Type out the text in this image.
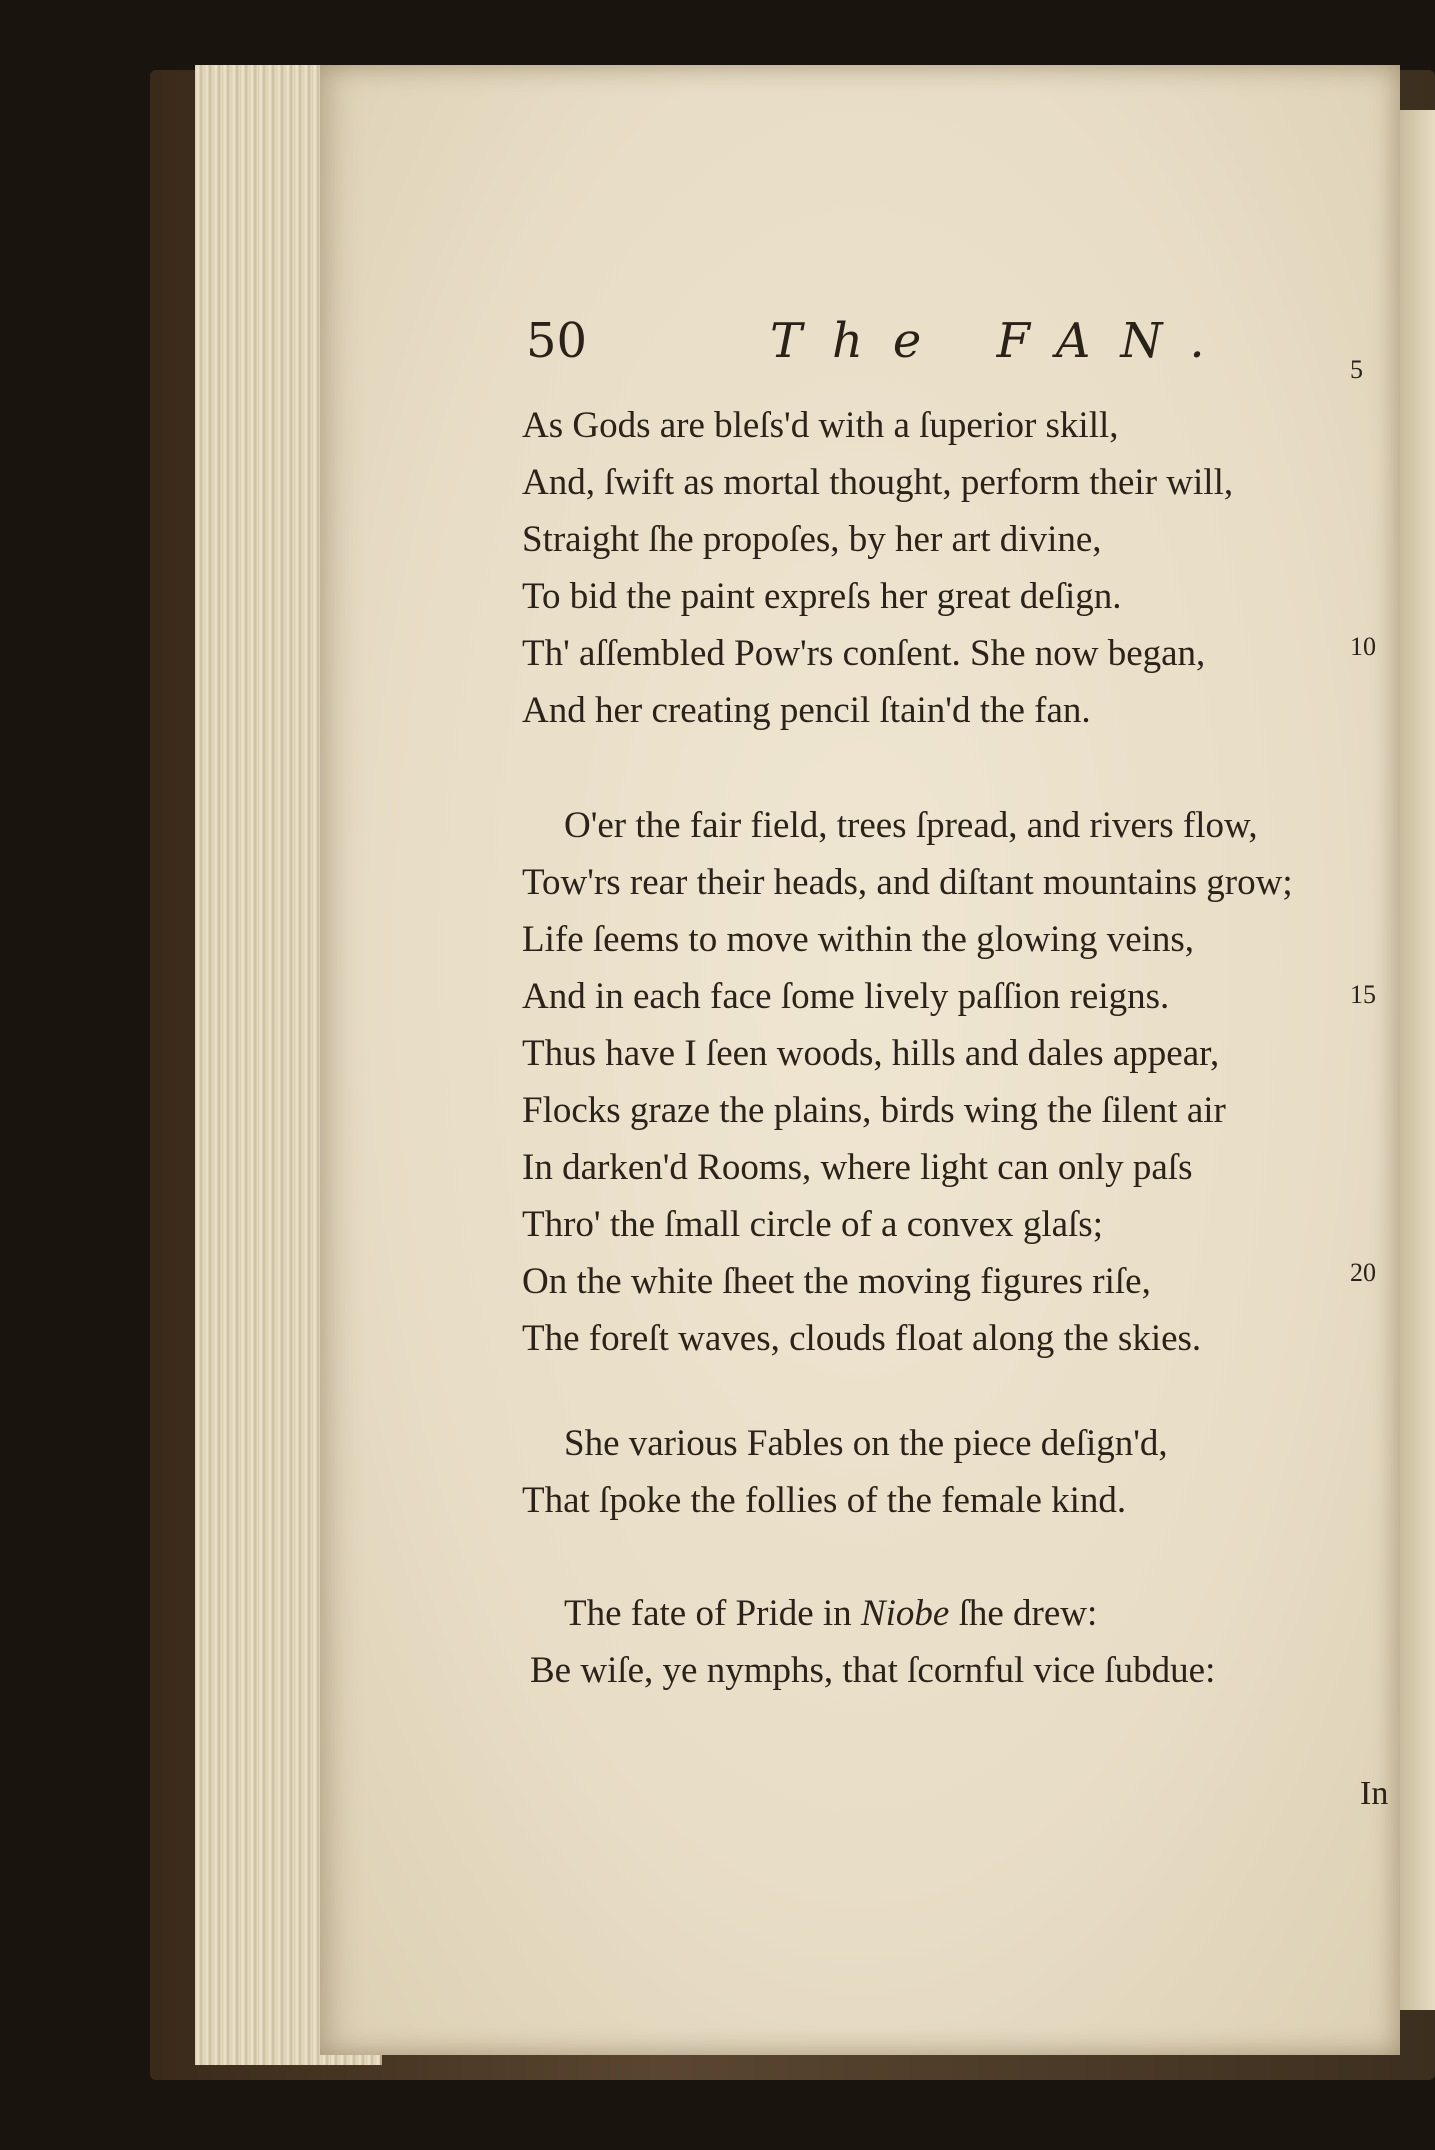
50	The FAN.
As Gods are bleſs'd with a ſuperior skill,
And, ſwift as mortal thought, perform their will,
Straight ſhe propoſes, by her art divine,
To bid the paint expreſs her great deſign.
Th' aſſembled Pow'rs conſent. She now began,
And her creating pencil ſtain'd the fan.
O'er the fair field, trees ſpread, and rivers flow,
Tow'rs rear their heads, and diſtant mountains grow;
Life ſeems to move within the glowing veins,
And in each face ſome lively paſſion reigns.
Thus have I ſeen woods, hills and dales appear,
Flocks graze the plains, birds wing the ſilent air
In darken'd Rooms, where light can only paſs
Thro' the ſmall circle of a convex glaſs;
On the white ſheet the moving figures riſe,
The foreſt waves, clouds float along the skies.
She various Fables on the piece deſign'd,
That ſpoke the follies of the female kind.
The fate of Pride in Niobe ſhe drew:
Be wiſe, ye nymphs, that ſcornful vice ſubdue:
5
10
15
20
In
